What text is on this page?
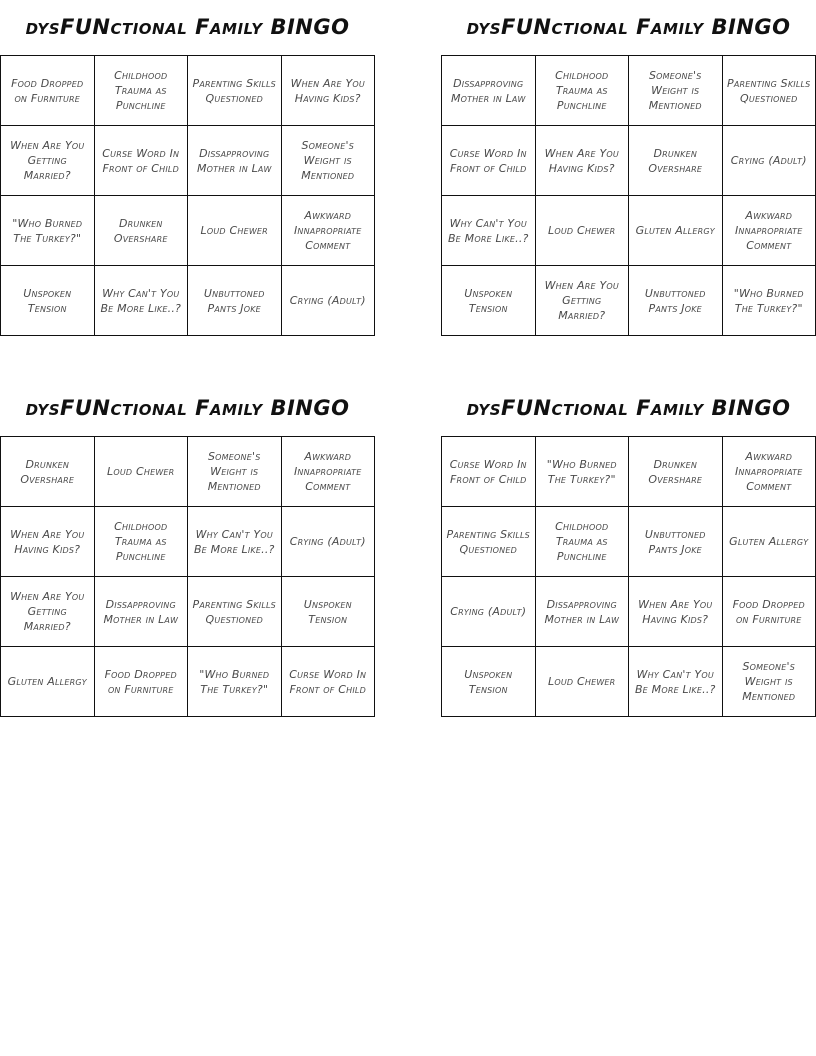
dysFUNctional Family BINGO
Food Dropped on Furniture	Childhood Trauma as Punchline	Parenting Skills Questioned	When Are You Having Kids?
When Are You Getting Married?	Curse Word In Front of Child	Dissapproving Mother in Law	Someone's Weight is Mentioned
"Who Burned The Turkey?"	Drunken Overshare	Loud Chewer	Awkward Innapropriate Comment
Unspoken Tension	Why Can't You Be More Like..?	Unbuttoned Pants Joke	Crying (Adult)
dysFUNctional Family BINGO
Dissapproving Mother in Law	Childhood Trauma as Punchline	Someone's Weight is Mentioned	Parenting Skills Questioned
Curse Word In Front of Child	When Are You Having Kids?	Drunken Overshare	Crying (Adult)
Why Can't You Be More Like..?	Loud Chewer	Gluten Allergy	Awkward Innapropriate Comment
Unspoken Tension	When Are You Getting Married?	Unbuttoned Pants Joke	"Who Burned The Turkey?"
dysFUNctional Family BINGO
Drunken Overshare	Loud Chewer	Someone's Weight is Mentioned	Awkward Innapropriate Comment
When Are You Having Kids?	Childhood Trauma as Punchline	Why Can't You Be More Like..?	Crying (Adult)
When Are You Getting Married?	Dissapproving Mother in Law	Parenting Skills Questioned	Unspoken Tension
Gluten Allergy	Food Dropped on Furniture	"Who Burned The Turkey?"	Curse Word In Front of Child
dysFUNctional Family BINGO
Curse Word In Front of Child	"Who Burned The Turkey?"	Drunken Overshare	Awkward Innapropriate Comment
Parenting Skills Questioned	Childhood Trauma as Punchline	Unbuttoned Pants Joke	Gluten Allergy
Crying (Adult)	Dissapproving Mother in Law	When Are You Having Kids?	Food Dropped on Furniture
Unspoken Tension	Loud Chewer	Why Can't You Be More Like..?	Someone's Weight is Mentioned
